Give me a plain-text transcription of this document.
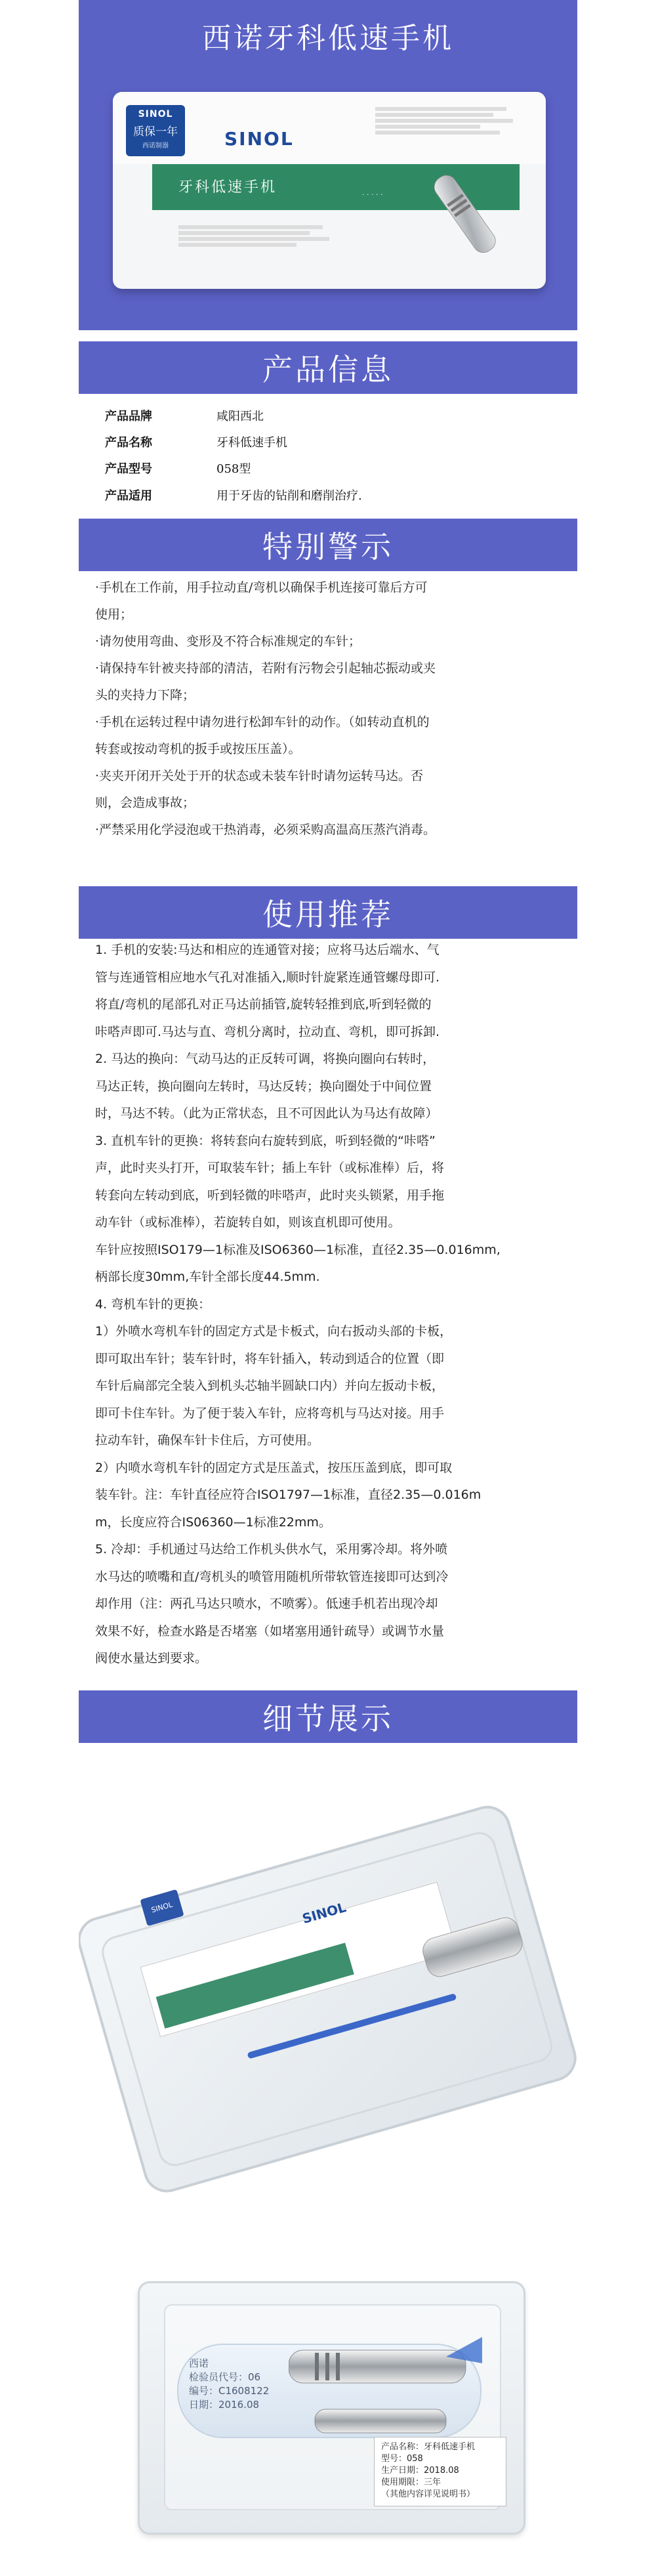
西诺牙科低速手机
SINOL
质保一年
西诺制器	SINOL
牙科低速手机	· · · · ·
产品信息
产品品牌	咸阳西北
产品名称	牙科低速手机
产品型号	058型
产品适用	用于牙齿的钻削和磨削治疗.
特别警示
·手机在工作前，用手拉动直/弯机以确保手机连接可靠后方可
使用；
·请勿使用弯曲、变形及不符合标准规定的车针；
·请保持车针被夹持部的清洁，若附有污物会引起轴芯振动或夹
头的夹持力下降；
·手机在运转过程中请勿进行松卸车针的动作。（如转动直机的
转套或按动弯机的扳手或按压压盖）。
·夹夹开闭开关处于开的状态或未装车针时请勿运转马达。否
则，会造成事故；
·严禁采用化学浸泡或干热消毒，必须采购高温高压蒸汽消毒。
使用推荐
1. 手机的安装:马达和相应的连通管对接；应将马达后端水、气
管与连通管相应地水气孔对准插入,顺时针旋紧连通管螺母即可.
将直/弯机的尾部孔对正马达前插管,旋转轻推到底,听到轻微的
咔嗒声即可.马达与直、弯机分离时，拉动直、弯机，即可拆卸.
2. 马达的换向：气动马达的正反转可调，将换向圈向右转时，
马达正转，换向圈向左转时，马达反转；换向圈处于中间位置
时，马达不转。（此为正常状态，且不可因此认为马达有故障）
3. 直机车针的更换：将转套向右旋转到底，听到轻微的“咔嗒”
声，此时夹头打开，可取装车针；插上车针（或标准棒）后，将
转套向左转动到底，听到轻微的咔嗒声，此时夹头锁紧，用手拖
动车针（或标准棒），若旋转自如，则该直机即可使用。
车针应按照ISO179—1标准及ISO6360—1标准，直径2.35—0.016mm,
柄部长度30mm,车针全部长度44.5mm.
4. 弯机车针的更换：
1）外喷水弯机车针的固定方式是卡板式，向右扳动头部的卡板，
即可取出车针；装车针时，将车针插入，转动到适合的位置（即
车针后扁部完全装入到机头芯轴半圆缺口内）并向左扳动卡板，
即可卡住车针。为了便于装入车针，应将弯机与马达对接。用手
拉动车针，确保车针卡住后，方可使用。
2）内喷水弯机车针的固定方式是压盖式，按压压盖到底，即可取
装车针。注：车针直径应符合ISO1797—1标准，直径2.35—0.016m
m，长度应符合IS06360—1标准22mm。
5. 冷却：手机通过马达给工作机头供水气，采用雾冷却。将外喷
水马达的喷嘴和直/弯机头的喷管用随机所带软管连接即可达到冷
却作用（注：两孔马达只喷水，不喷雾）。低速手机若出现冷却
效果不好，检查水路是否堵塞（如堵塞用通针疏导）或调节水量
阀使水量达到要求。
细节展示
SINOL	SINOL
西诺
检验员代号：06
编号：C1608122
日期：2016.08
产品名称：牙科低速手机
型号：058
生产日期：2018.08
使用期限：三年
（其他内容详见说明书）
